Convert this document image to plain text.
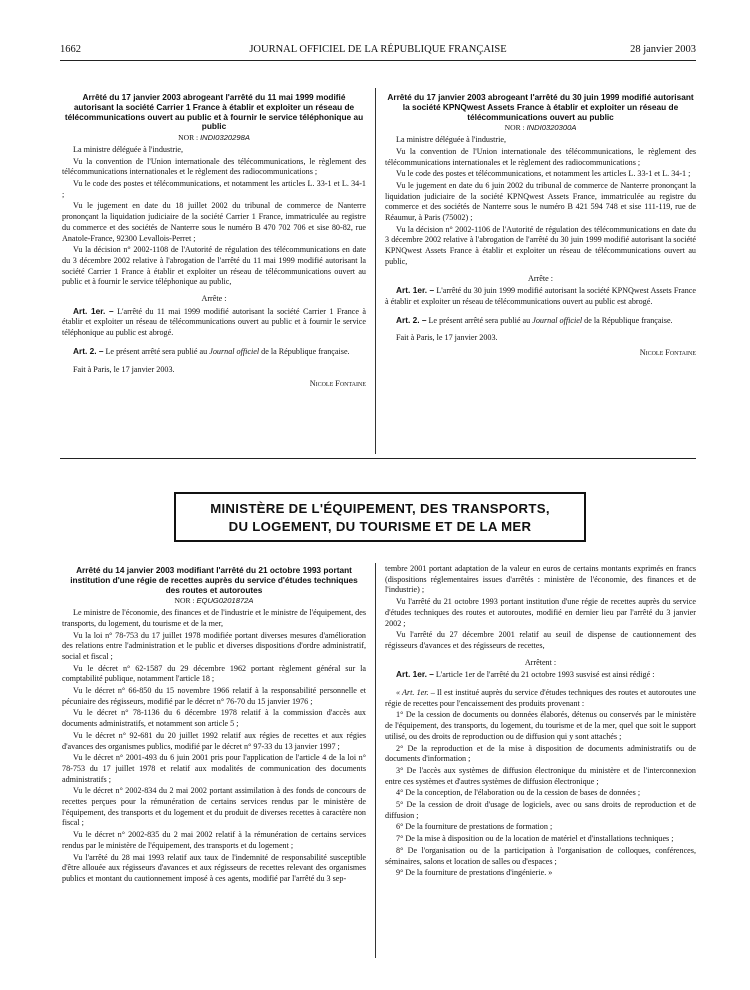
1662	JOURNAL OFFICIEL DE LA RÉPUBLIQUE FRANÇAISE	28 janvier 2003

Arrêté du 17 janvier 2003 abrogeant l'arrêté du 11 mai 1999 modifié autorisant la société Carrier 1 France à établir et exploiter un réseau de télécommunications ouvert au public et à fournir le service téléphonique au public

NOR : INDI0320298A

La ministre déléguée à l'industrie,

Vu la convention de l'Union internationale des télécommunications, le règlement des télécommunications internationales et le règlement des radiocommunications ;

Vu le code des postes et télécommunications, et notamment les articles L. 33-1 et L. 34-1 ;

Vu le jugement en date du 18 juillet 2002 du tribunal de commerce de Nanterre prononçant la liquidation judiciaire de la société Carrier 1 France, immatriculée au registre du commerce et des sociétés de Nanterre sous le numéro B 470 702 706 et sise 80-82, rue Anatole-France, 92300 Levallois-Perret ;

Vu la décision n° 2002-1108 de l'Autorité de régulation des télécommunications en date du 3 décembre 2002 relative à l'abrogation de l'arrêté du 11 mai 1999 modifié autorisant la société Carrier 1 France à établir et exploiter un réseau de télécommunications ouvert au public et à fournir le service téléphonique au public,

Arrête :

Art. 1er. – L'arrêté du 11 mai 1999 modifié autorisant la société Carrier 1 France à établir et exploiter un réseau de télécommunications ouvert au public et à fournir le service téléphonique au public est abrogé.

Art. 2. – Le présent arrêté sera publié au Journal officiel de la République française.

Fait à Paris, le 17 janvier 2003.

Nicole Fontaine

Arrêté du 17 janvier 2003 abrogeant l'arrêté du 30 juin 1999 modifié autorisant la société KPNQwest Assets France à établir et exploiter un réseau de télécommunications ouvert au public

NOR : INDI0320300A

La ministre déléguée à l'industrie,

Vu la convention de l'Union internationale des télécommunications, le règlement des télécommunications internationales et le règlement des radiocommunications ;

Vu le code des postes et télécommunications, et notamment les articles L. 33-1 et L. 34-1 ;

Vu le jugement en date du 6 juin 2002 du tribunal de commerce de Nanterre prononçant la liquidation judiciaire de la société KPNQwest Assets France, immatriculée au registre du commerce et des sociétés de Nanterre sous le numéro B 421 594 748 et sise 111-119, rue de Réaumur, à Paris (75002) ;

Vu la décision n° 2002-1106 de l'Autorité de régulation des télécommunications en date du 3 décembre 2002 relative à l'abrogation de l'arrêté du 30 juin 1999 modifié autorisant la société KPNQwest Assets France à établir et exploiter un réseau de télécommunications ouvert au public,

Arrête :

Art. 1er. – L'arrêté du 30 juin 1999 modifié autorisant la société KPNQwest Assets France à établir et exploiter un réseau de télécommunications ouvert au public est abrogé.

Art. 2. – Le présent arrêté sera publié au Journal officiel de la République française.

Fait à Paris, le 17 janvier 2003.

Nicole Fontaine

MINISTÈRE DE L'ÉQUIPEMENT, DES TRANSPORTS,
DU LOGEMENT, DU TOURISME ET DE LA MER

Arrêté du 14 janvier 2003 modifiant l'arrêté du 21 octobre 1993 portant institution d'une régie de recettes auprès du service d'études techniques des routes et autoroutes

NOR : EQUG0201872A

Le ministre de l'économie, des finances et de l'industrie et le ministre de l'équipement, des transports, du logement, du tourisme et de la mer,

Vu la loi n° 78-753 du 17 juillet 1978 modifiée portant diverses mesures d'amélioration des relations entre l'administration et le public et diverses dispositions d'ordre administratif, social et fiscal ;

Vu le décret n° 62-1587 du 29 décembre 1962 portant règlement général sur la comptabilité publique, notamment l'article 18 ;

Vu le décret n° 66-850 du 15 novembre 1966 relatif à la responsabilité personnelle et pécuniaire des régisseurs, modifié par le décret n° 76-70 du 15 janvier 1976 ;

Vu le décret n° 78-1136 du 6 décembre 1978 relatif à la commission d'accès aux documents administratifs, et notamment son article 5 ;

Vu le décret n° 92-681 du 20 juillet 1992 relatif aux régies de recettes et aux régies d'avances des organismes publics, modifié par le décret n° 97-33 du 13 janvier 1997 ;

Vu le décret n° 2001-493 du 6 juin 2001 pris pour l'application de l'article 4 de la loi n° 78-753 du 17 juillet 1978 et relatif aux modalités de communication des documents administratifs ;

Vu le décret n° 2002-834 du 2 mai 2002 portant assimilation à des fonds de concours de recettes perçues pour la rémunération de certains services rendus par le ministère de l'équipement, des transports et du logement et du produit de diverses recettes à caractère non fiscal ;

Vu le décret n° 2002-835 du 2 mai 2002 relatif à la rémunération de certains services rendus par le ministère de l'équipement, des transports et du logement ;

Vu l'arrêté du 28 mai 1993 relatif aux taux de l'indemnité de responsabilité susceptible d'être allouée aux régisseurs d'avances et aux régisseurs de recettes relevant des organismes publics et montant du cautionnement imposé à ces agents, modifié par l'arrêté du 3 sep-

tembre 2001 portant adaptation de la valeur en euros de certains montants exprimés en francs (dispositions réglementaires issues d'arrêtés : ministère de l'économie, des finances et de l'industrie) ;

Vu l'arrêté du 21 octobre 1993 portant institution d'une régie de recettes auprès du service d'études techniques des routes et autoroutes, modifié en dernier lieu par l'arrêté du 3 janvier 2002 ;

Vu l'arrêté du 27 décembre 2001 relatif au seuil de dispense de cautionnement des régisseurs d'avances et des régisseurs de recettes,

Arrêtent :

Art. 1er. – L'article 1er de l'arrêté du 21 octobre 1993 susvisé est ainsi rédigé :

« Art. 1er. – Il est institué auprès du service d'études techniques des routes et autoroutes une régie de recettes pour l'encaissement des produits provenant :

1° De la cession de documents ou données élaborés, détenus ou conservés par le ministère de l'équipement, des transports, du logement, du tourisme et de la mer, quel que soit le support utilisé, ou des droits de reproduction ou de diffusion qui y sont attachés ;

2° De la reproduction et de la mise à disposition de documents administratifs ou de documents d'information ;

3° De l'accès aux systèmes de diffusion électronique du ministère et de l'interconnexion entre ces systèmes et d'autres systèmes de diffusion électronique ;

4° De la conception, de l'élaboration ou de la cession de bases de données ;

5° De la cession de droit d'usage de logiciels, avec ou sans droits de reproduction et de diffusion ;

6° De la fourniture de prestations de formation ;

7° De la mise à disposition ou de la location de matériel et d'installations techniques ;

8° De l'organisation ou de la participation à l'organisation de colloques, conférences, séminaires, salons et location de salles ou d'espaces ;

9° De la fourniture de prestations d'ingénierie. »
